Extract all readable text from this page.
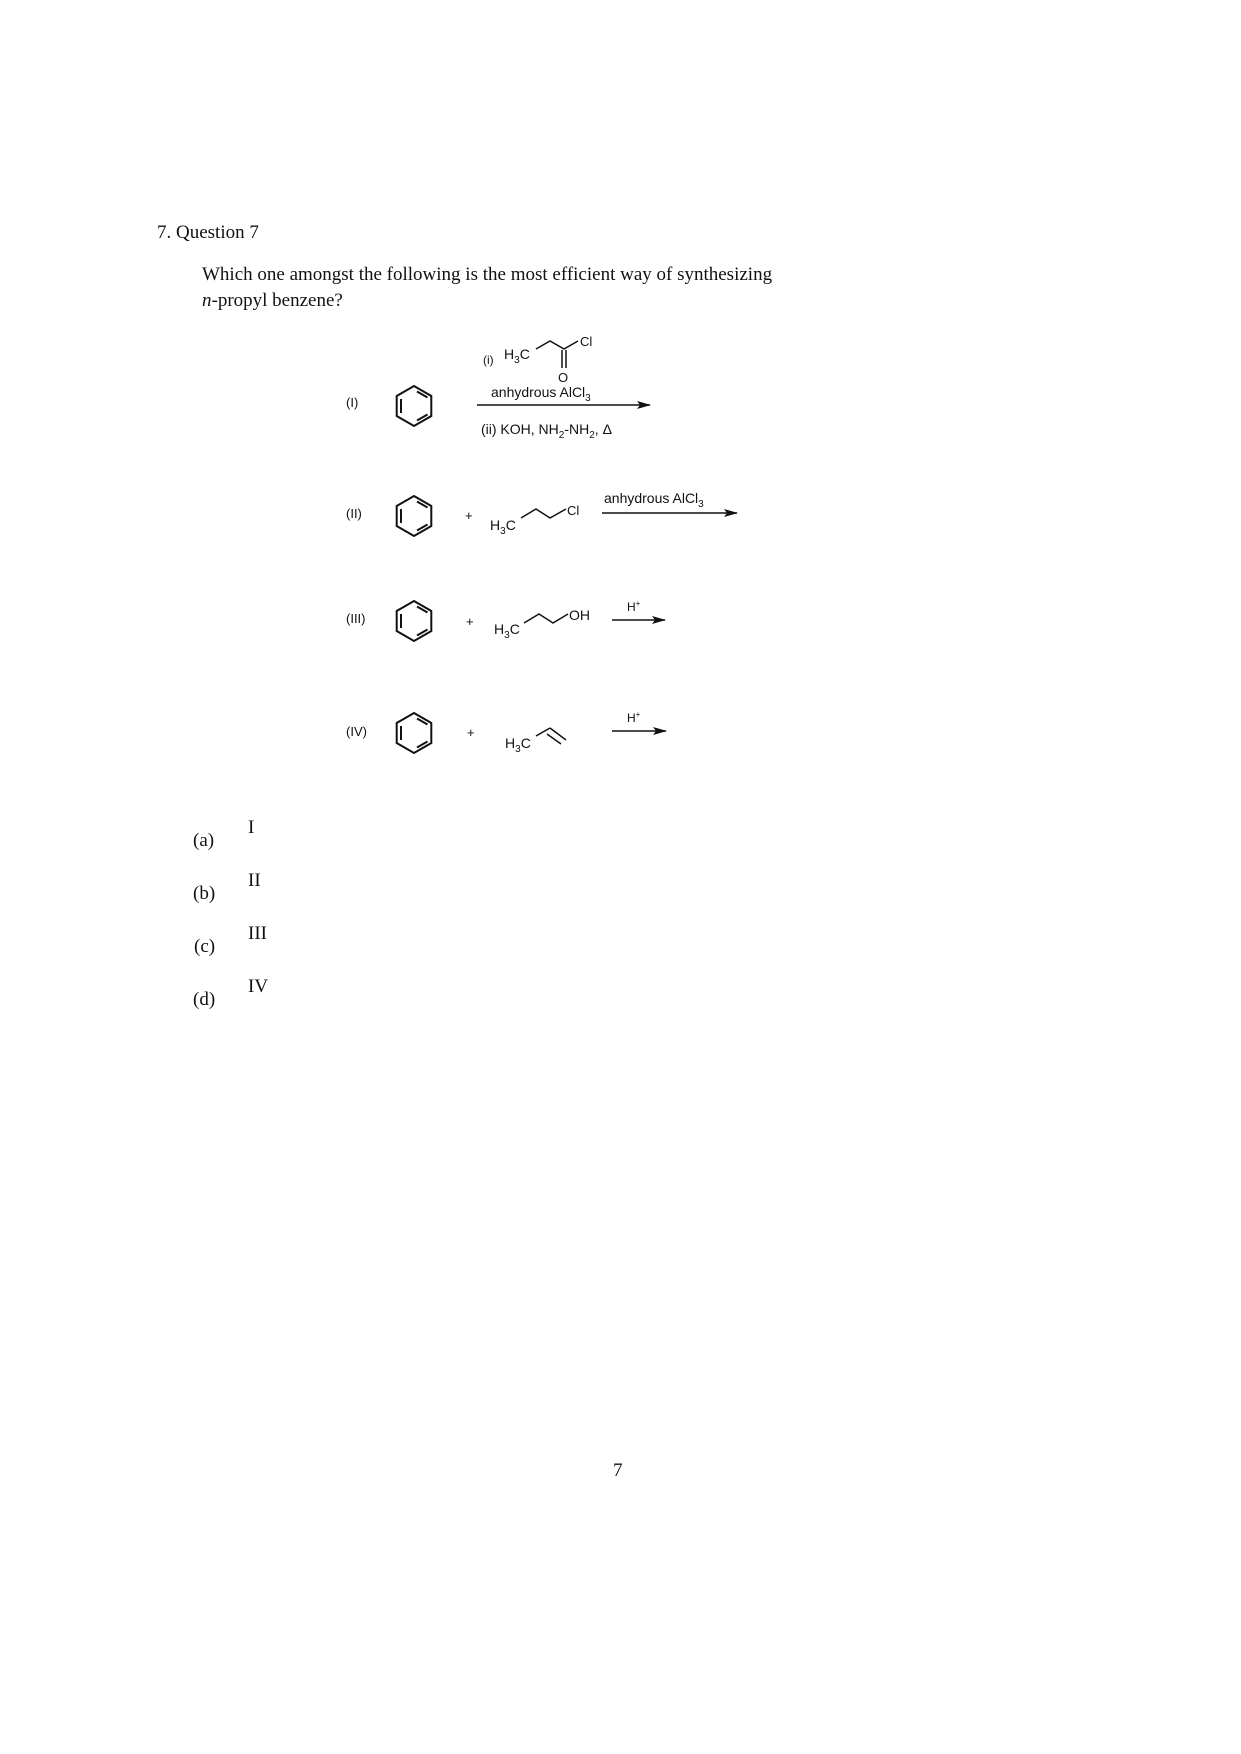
7. Question 7
Which one amongst the following is the most efficient way of synthesizing
n-propyl benzene?
(I)
(i) $H_3C$
O
Cl
anhydrous AlCl$_3$
(ii) KOH, $NH_2-NH_2$, Δ
(II)	+
$H_3C$
Cl
anhydrous AlCl$_3$
(III)	+ $H_3C$
OH	H+
(IV)	+
$H_3C$
H+
(a)
I
(b)
II
(c)
III
(d)
IV
7
